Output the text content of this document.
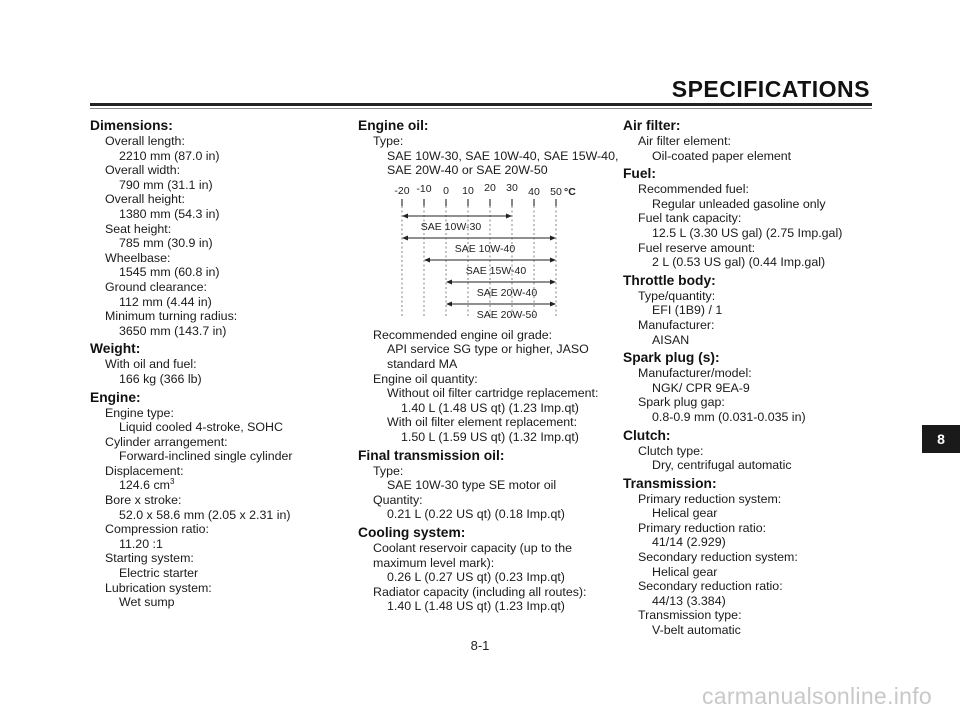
SPECIFICATIONS
Dimensions:
Overall length:
2210 mm (87.0 in)
Overall width:
790 mm (31.1 in)
Overall height:
1380 mm (54.3 in)
Seat height:
785 mm (30.9 in)
Wheelbase:
1545 mm (60.8 in)
Ground clearance:
112 mm (4.44 in)
Minimum turning radius:
3650 mm (143.7 in)
Weight:
With oil and fuel:
166 kg (366 lb)
Engine:
Engine type:
Liquid cooled 4-stroke, SOHC
Cylinder arrangement:
Forward-inclined single cylinder
Displacement:
124.6 $cm^3$
Bore x stroke:
52.0 x 58.6 mm (2.05 x 2.31 in)
Compression ratio:
11.20 :1
Starting system:
Electric starter
Lubrication system:
Wet sump
Engine oil:
Type:
SAE 10W-30, SAE 10W-40, SAE 15W-40,
SAE 20W-40 or SAE 20W-50
-20 -10 0 10 20 30 40 50 °C
SAE 10W-30
SAE 10W-40
SAE 15W-40
SAE 20W-40
SAE 20W-50
Recommended engine oil grade:
API service SG type or higher, JASO
standard MA
Engine oil quantity:
Without oil filter cartridge replacement:
1.40 L (1.48 US qt) (1.23 Imp.qt)
With oil filter element replacement:
1.50 L (1.59 US qt) (1.32 Imp.qt)
Final transmission oil:
Type:
SAE 10W-30 type SE motor oil
Quantity:
0.21 L (0.22 US qt) (0.18 Imp.qt)
Cooling system:
Coolant reservoir capacity (up to the
maximum level mark):
0.26 L (0.27 US qt) (0.23 Imp.qt)
Radiator capacity (including all routes):
1.40 L (1.48 US qt) (1.23 Imp.qt)
Air filter:
Air filter element:
Oil-coated paper element
Fuel:
Recommended fuel:
Regular unleaded gasoline only
Fuel tank capacity:
12.5 L (3.30 US gal) (2.75 Imp.gal)
Fuel reserve amount:
2 L (0.53 US gal) (0.44 Imp.gal)
Throttle body:
Type/quantity:
EFI (1B9) / 1
Manufacturer:
AISAN
Spark plug (s):
Manufacturer/model:
NGK/ CPR 9EA-9
Spark plug gap:
0.8-0.9 mm (0.031-0.035 in)
Clutch:
Clutch type:
Dry, centrifugal automatic
Transmission:
Primary reduction system:
Helical gear
Primary reduction ratio:
41/14 (2.929)
Secondary reduction system:
Helical gear
Secondary reduction ratio:
44/13 (3.384)
Transmission type:
V-belt automatic
8
8-1
carmanualsonline.info
